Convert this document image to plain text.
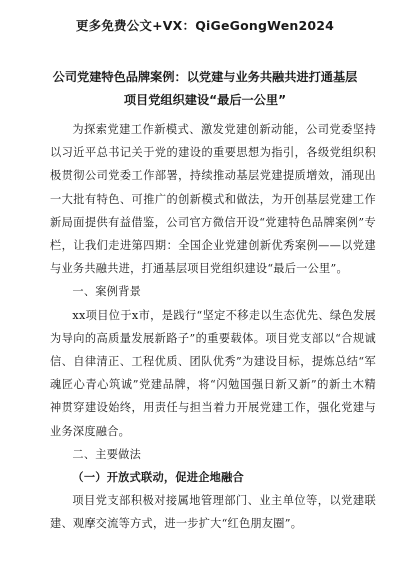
更多免费公文+VX：QiGeGongWen2024
公司党建特色品牌案例：以党建与业务共融共进打通基层
项目党组织建设“最后一公里”

为探索党建工作新模式、激发党建创新动能，公司党委坚持以习近平总书记关于党的建设的重要思想为指引，各级党组织积极贯彻公司党委工作部署，持续推动基层党建提质增效，涌现出一大批有特色、可推广的创新模式和做法，为开创基层党建工作新局面提供有益借鉴，公司官方微信开设“党建特色品牌案例”专栏，让我们走进第四期：全国企业党建创新优秀案例——以党建与业务共融共进，打通基层项目党组织建设“最后一公里”。

一、案例背景

xx项目位于x市，是践行“坚定不移走以生态优先、绿色发展为导向的高质量发展新路子”的重要载体。项目党支部以“合规诚信、自律清正、工程优质、团队优秀”为建设目标，提炼总结“军魂匠心青心筑诚”党建品牌，将“闪勉国强日新又新”的新土木精神贯穿建设始终，用责任与担当着力开展党建工作，强化党建与业务深度融合。

二、主要做法

（一）开放式联动，促进企地融合

项目党支部积极对接属地管理部门、业主单位等，以党建联建、观摩交流等方式，进一步扩大“红色朋友圈”。
